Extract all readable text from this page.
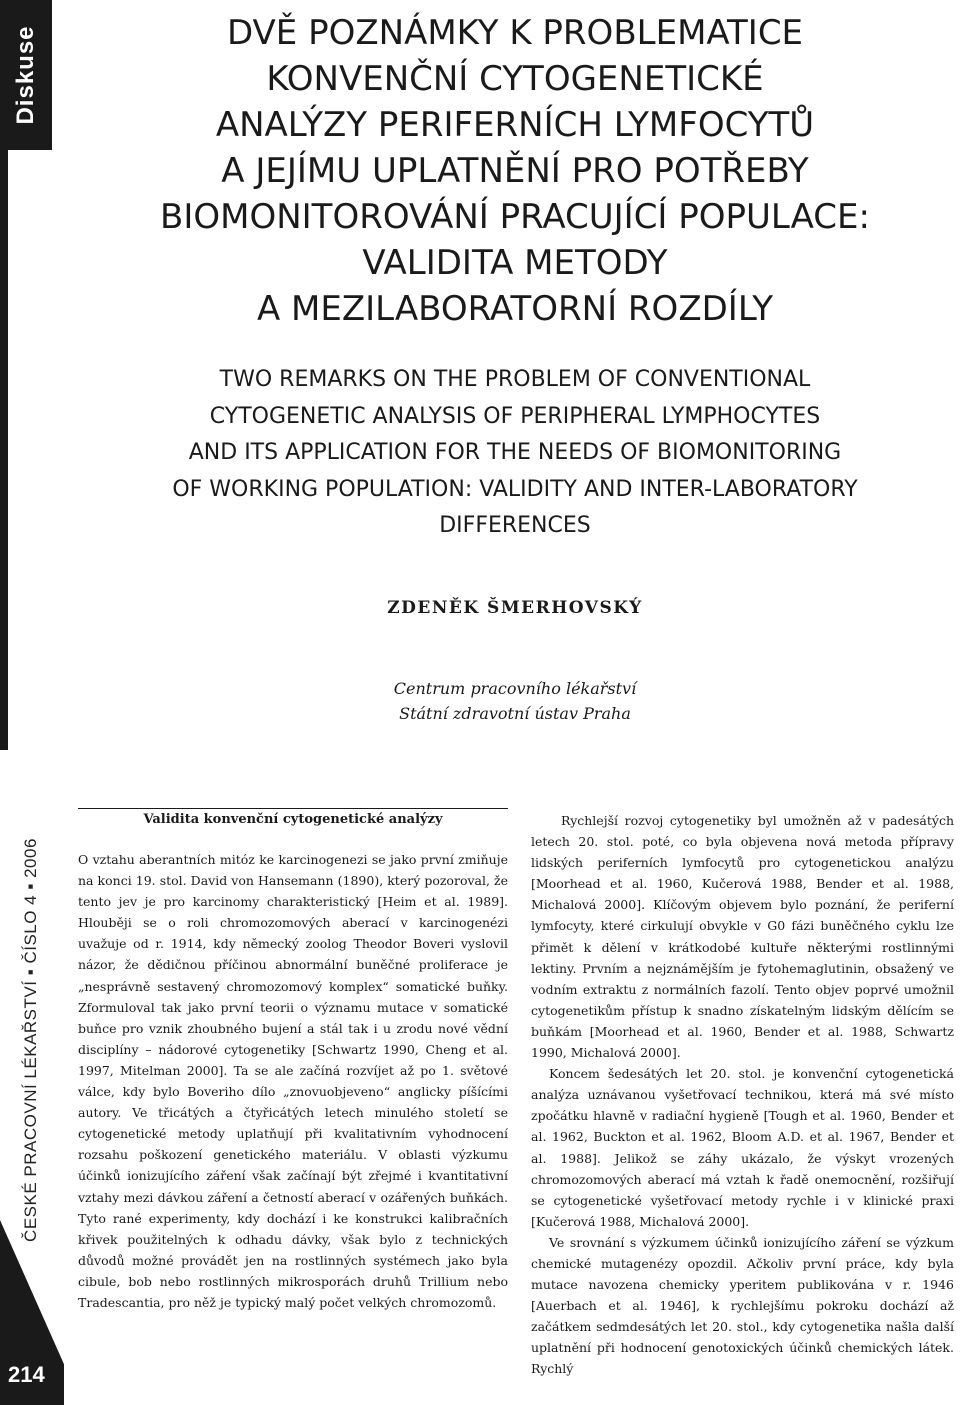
Diskuse
ČESKÉ PRACOVNÍ LÉKAŘSTVÍ ▪ ČÍSLO 4 ▪ 2006
214
DVĚ POZNÁMKY K PROBLEMATICE
KONVENČNÍ CYTOGENETICKÉ
ANALÝZY PERIFERNÍCH LYMFOCYTŮ
A JEJÍMU UPLATNĚNÍ PRO POTŘEBY
BIOMONITOROVÁNÍ PRACUJÍCÍ POPULACE:
VALIDITA METODY
A MEZILABORATORNÍ ROZDÍLY
TWO REMARKS ON THE PROBLEM OF CONVENTIONAL
CYTOGENETIC ANALYSIS OF PERIPHERAL LYMPHOCYTES
AND ITS APPLICATION FOR THE NEEDS OF BIOMONITORING
OF WORKING POPULATION: VALIDITY AND INTER-LABORATORY
DIFFERENCES
ZDENĚK ŠMERHOVSKÝ
Centrum pracovního lékařství
Státní zdravotní ústav Praha
Validita konvenční cytogenetické analýzy

O vztahu aberantních mitóz ke karcinogenezi se jako první zmiňuje na konci 19. stol. David von Hansemann (1890), který pozoroval, že tento jev je pro karcinomy charakteristický [Heim et al. 1989]. Hlouběji se o roli chromozomových aberací v karcinogenézi uvažuje od r. 1914, kdy německý zoolog Theodor Boveri vyslovil názor, že dědičnou příčinou abnormální buněčné proliferace je „nesprávně sestavený chromozomový komplex“ somatické buňky. Zformuloval tak jako první teorii o významu mutace v somatické buňce pro vznik zhoubného bujení a stál tak i u zrodu nové vědní disciplíny – nádorové cytogenetiky [Schwartz 1990, Cheng et al. 1997, Mitelman 2000]. Ta se ale začíná rozvíjet až po 1. světové válce, kdy bylo Boveriho dílo „znovuobjeveno“ anglicky píšícími autory. Ve třicátých a čtyřicátých letech minulého století se cytogenetické metody uplatňují při kvalitativním vyhodnocení rozsahu poškození genetického materiálu. V oblasti výzkumu účinků ionizujícího záření však začínají být zřejmé i kvantitativní vztahy mezi dávkou záření a četností aberací v ozářených buňkách. Tyto rané experimenty, kdy dochází i ke konstrukci kalibračních křivek použitelných k odhadu dávky, však bylo z technických důvodů možné provádět jen na rostlinných systémech jako byla cibule, bob nebo rostlinných mikrosporách druhů Trillium nebo Tradescantia, pro něž je typický malý počet velkých chromozomů.

Rychlejší rozvoj cytogenetiky byl umožněn až v padesátých letech 20. stol. poté, co byla objevena nová metoda přípravy lidských periferních lymfocytů pro cytogenetickou analýzu [Moorhead et al. 1960, Kučerová 1988, Bender et al. 1988, Michalová 2000]. Klíčovým objevem bylo poznání, že periferní lymfocyty, které cirkulují obvykle v G0 fázi buněčného cyklu lze přimět k dělení v krátkodobé kultuře některými rostlinnými lektiny. Prvním a nejznámějším je fytohemaglutinin, obsažený ve vodním extraktu z normálních fazolí. Tento objev poprvé umožnil cytogenetikům přístup k snadno získatelným lidským dělícím se buňkám [Moorhead et al. 1960, Bender et al. 1988, Schwartz 1990, Michalová 2000].

Koncem šedesátých let 20. stol. je konvenční cytogenetická analýza uznávanou vyšetřovací technikou, která má své místo zpočátku hlavně v radiační hygieně [Tough et al. 1960, Bender et al. 1962, Buckton et al. 1962, Bloom A.D. et al. 1967, Bender et al. 1988]. Jelikož se záhy ukázalo, že výskyt vrozených chromozomových aberací má vztah k řadě onemocnění, rozšiřují se cytogenetické vyšetřovací metody rychle i v klinické praxi [Kučerová 1988, Michalová 2000].

Ve srovnání s výzkumem účinků ionizujícího záření se výzkum chemické mutagenézy opozdil. Ačkoliv první práce, kdy byla mutace navozena chemicky yperitem publikována v r. 1946 [Auerbach et al. 1946], k rychlejšímu pokroku dochází až začátkem sedmdesátých let 20. stol., kdy cytogenetika našla další uplatnění při hodnocení genotoxických účinků chemických látek. Rychlý
